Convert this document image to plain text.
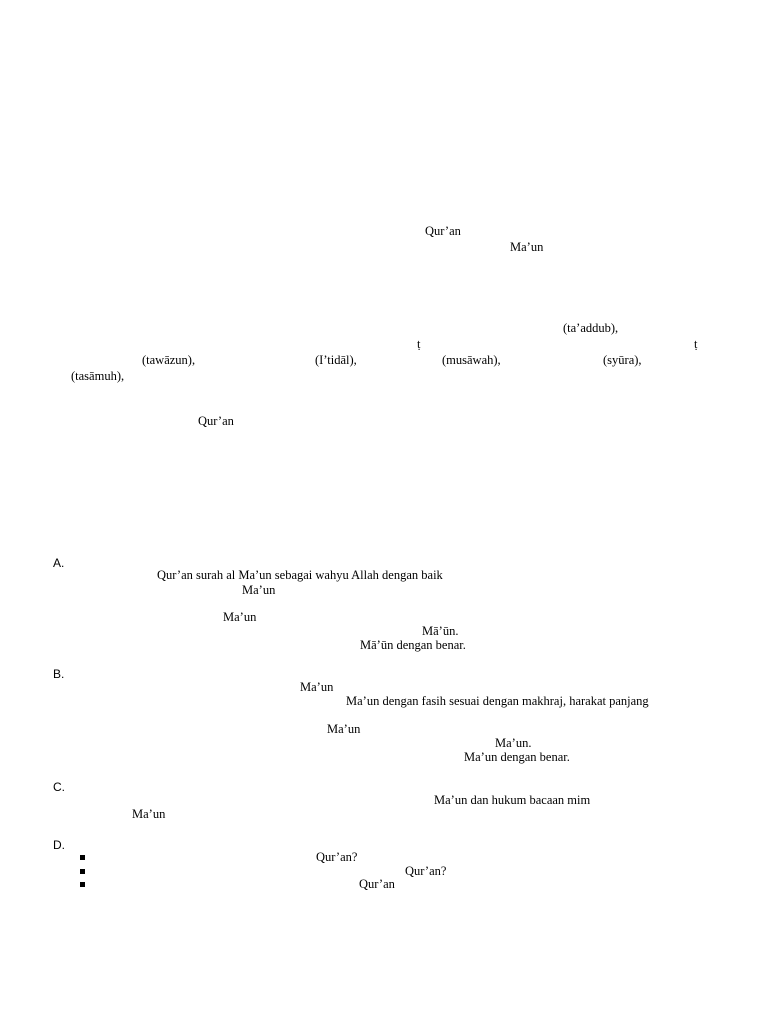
Qur’an
Ma’un
(ta’addub),
ṭ	ṭ
(tawāzun),	(I’tidāl),	(musāwah),	(syūra),
(tasāmuh),
Qur’an
A.
Qur’an surah al Ma’un sebagai wahyu Allah dengan baik
Ma’un
Ma’un
Mā’ūn.
Mā’ūn dengan benar.
B.
Ma’un
Ma’un dengan fasih sesuai dengan makhraj, harakat panjang
Ma’un
Ma’un.
Ma’un dengan benar.
C.
Ma’un dan hukum bacaan mim
Ma’un
D.
Qur’an?
Qur’an?
Qur’an
